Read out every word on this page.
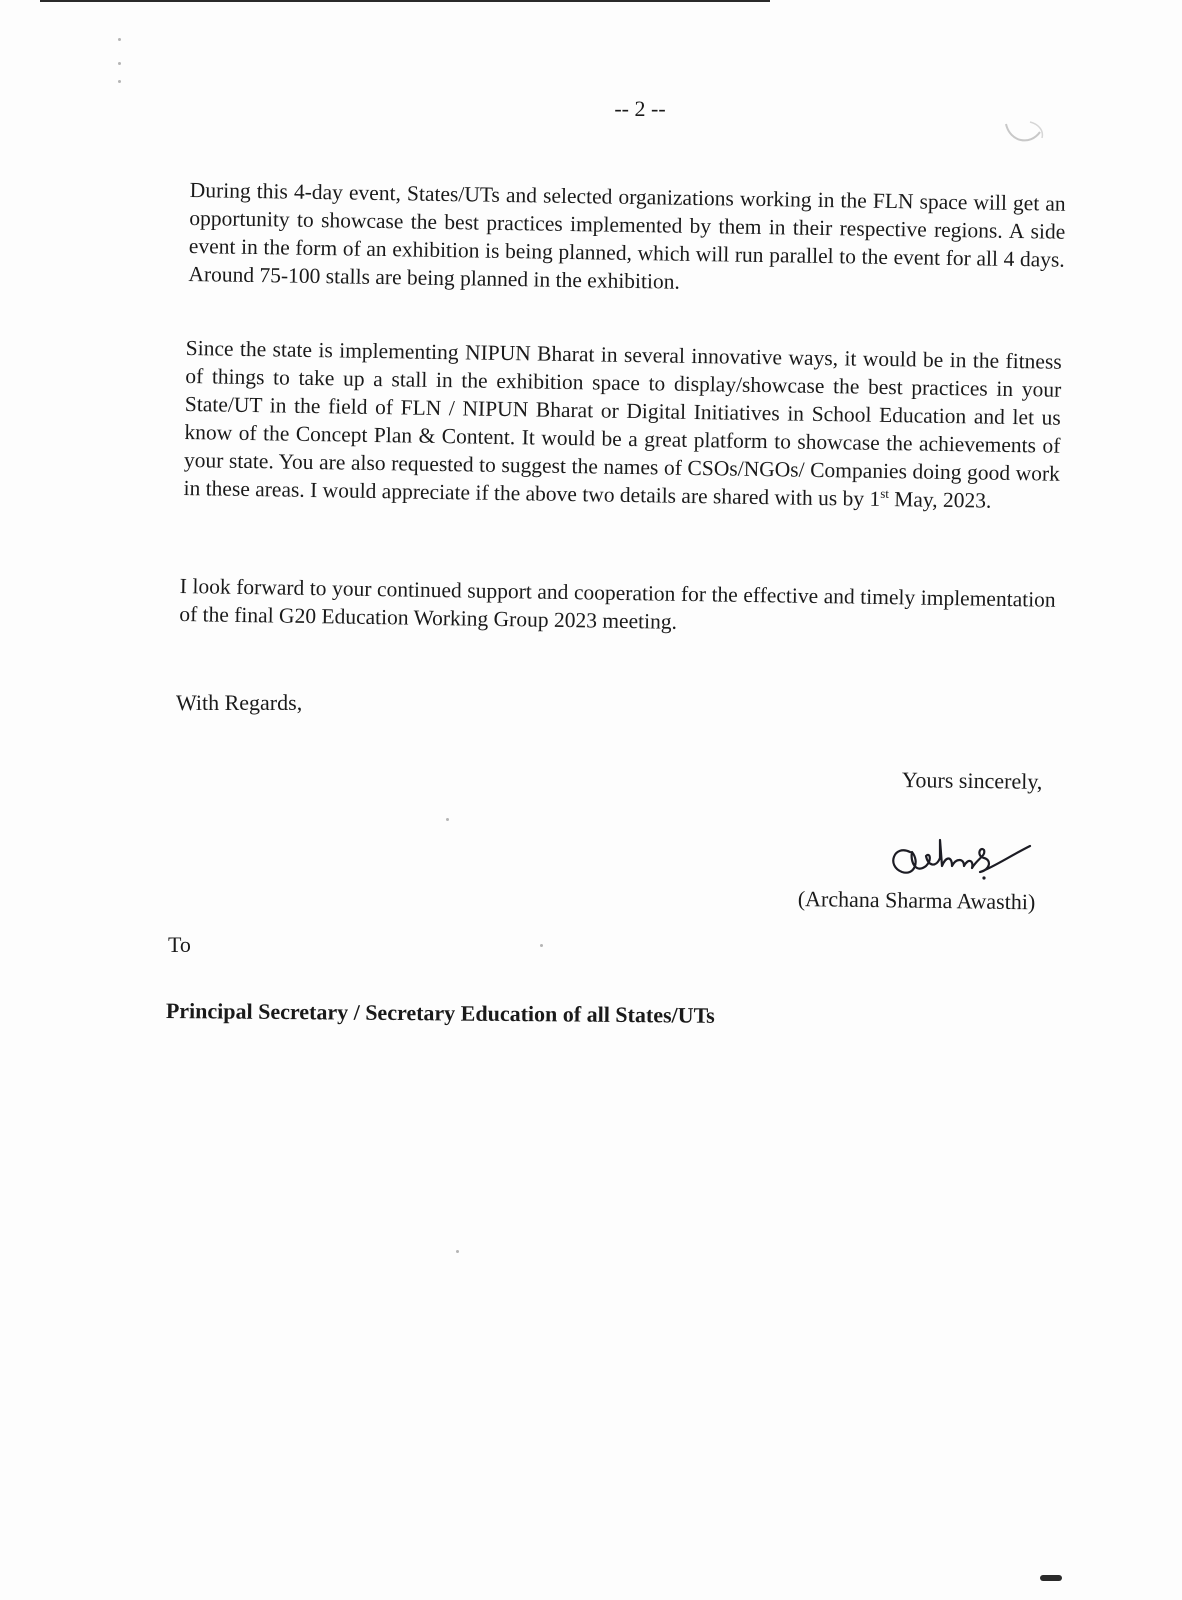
-- 2 --

During this 4-day event, States/UTs and selected organizations working in the FLN space will get an opportunity to showcase the best practices implemented by them in their respective regions. A side event in the form of an exhibition is being planned, which will run parallel to the event for all 4 days. Around 75-100 stalls are being planned in the exhibition.

Since the state is implementing NIPUN Bharat in several innovative ways, it would be in the fitness of things to take up a stall in the exhibition space to display/showcase the best practices in your State/UT in the field of FLN / NIPUN Bharat or Digital Initiatives in School Education and let us know of the Concept Plan & Content. It would be a great platform to showcase the achievements of your state. You are also requested to suggest the names of CSOs/NGOs/ Companies doing good work in these areas. I would appreciate if the above two details are shared with us by 1st May, 2023.

I look forward to your continued support and cooperation for the effective and timely implementation of the final G20 Education Working Group 2023 meeting.

With Regards,
Yours sincerely,
(Archana Sharma Awasthi)
To
Principal Secretary / Secretary Education of all States/UTs
